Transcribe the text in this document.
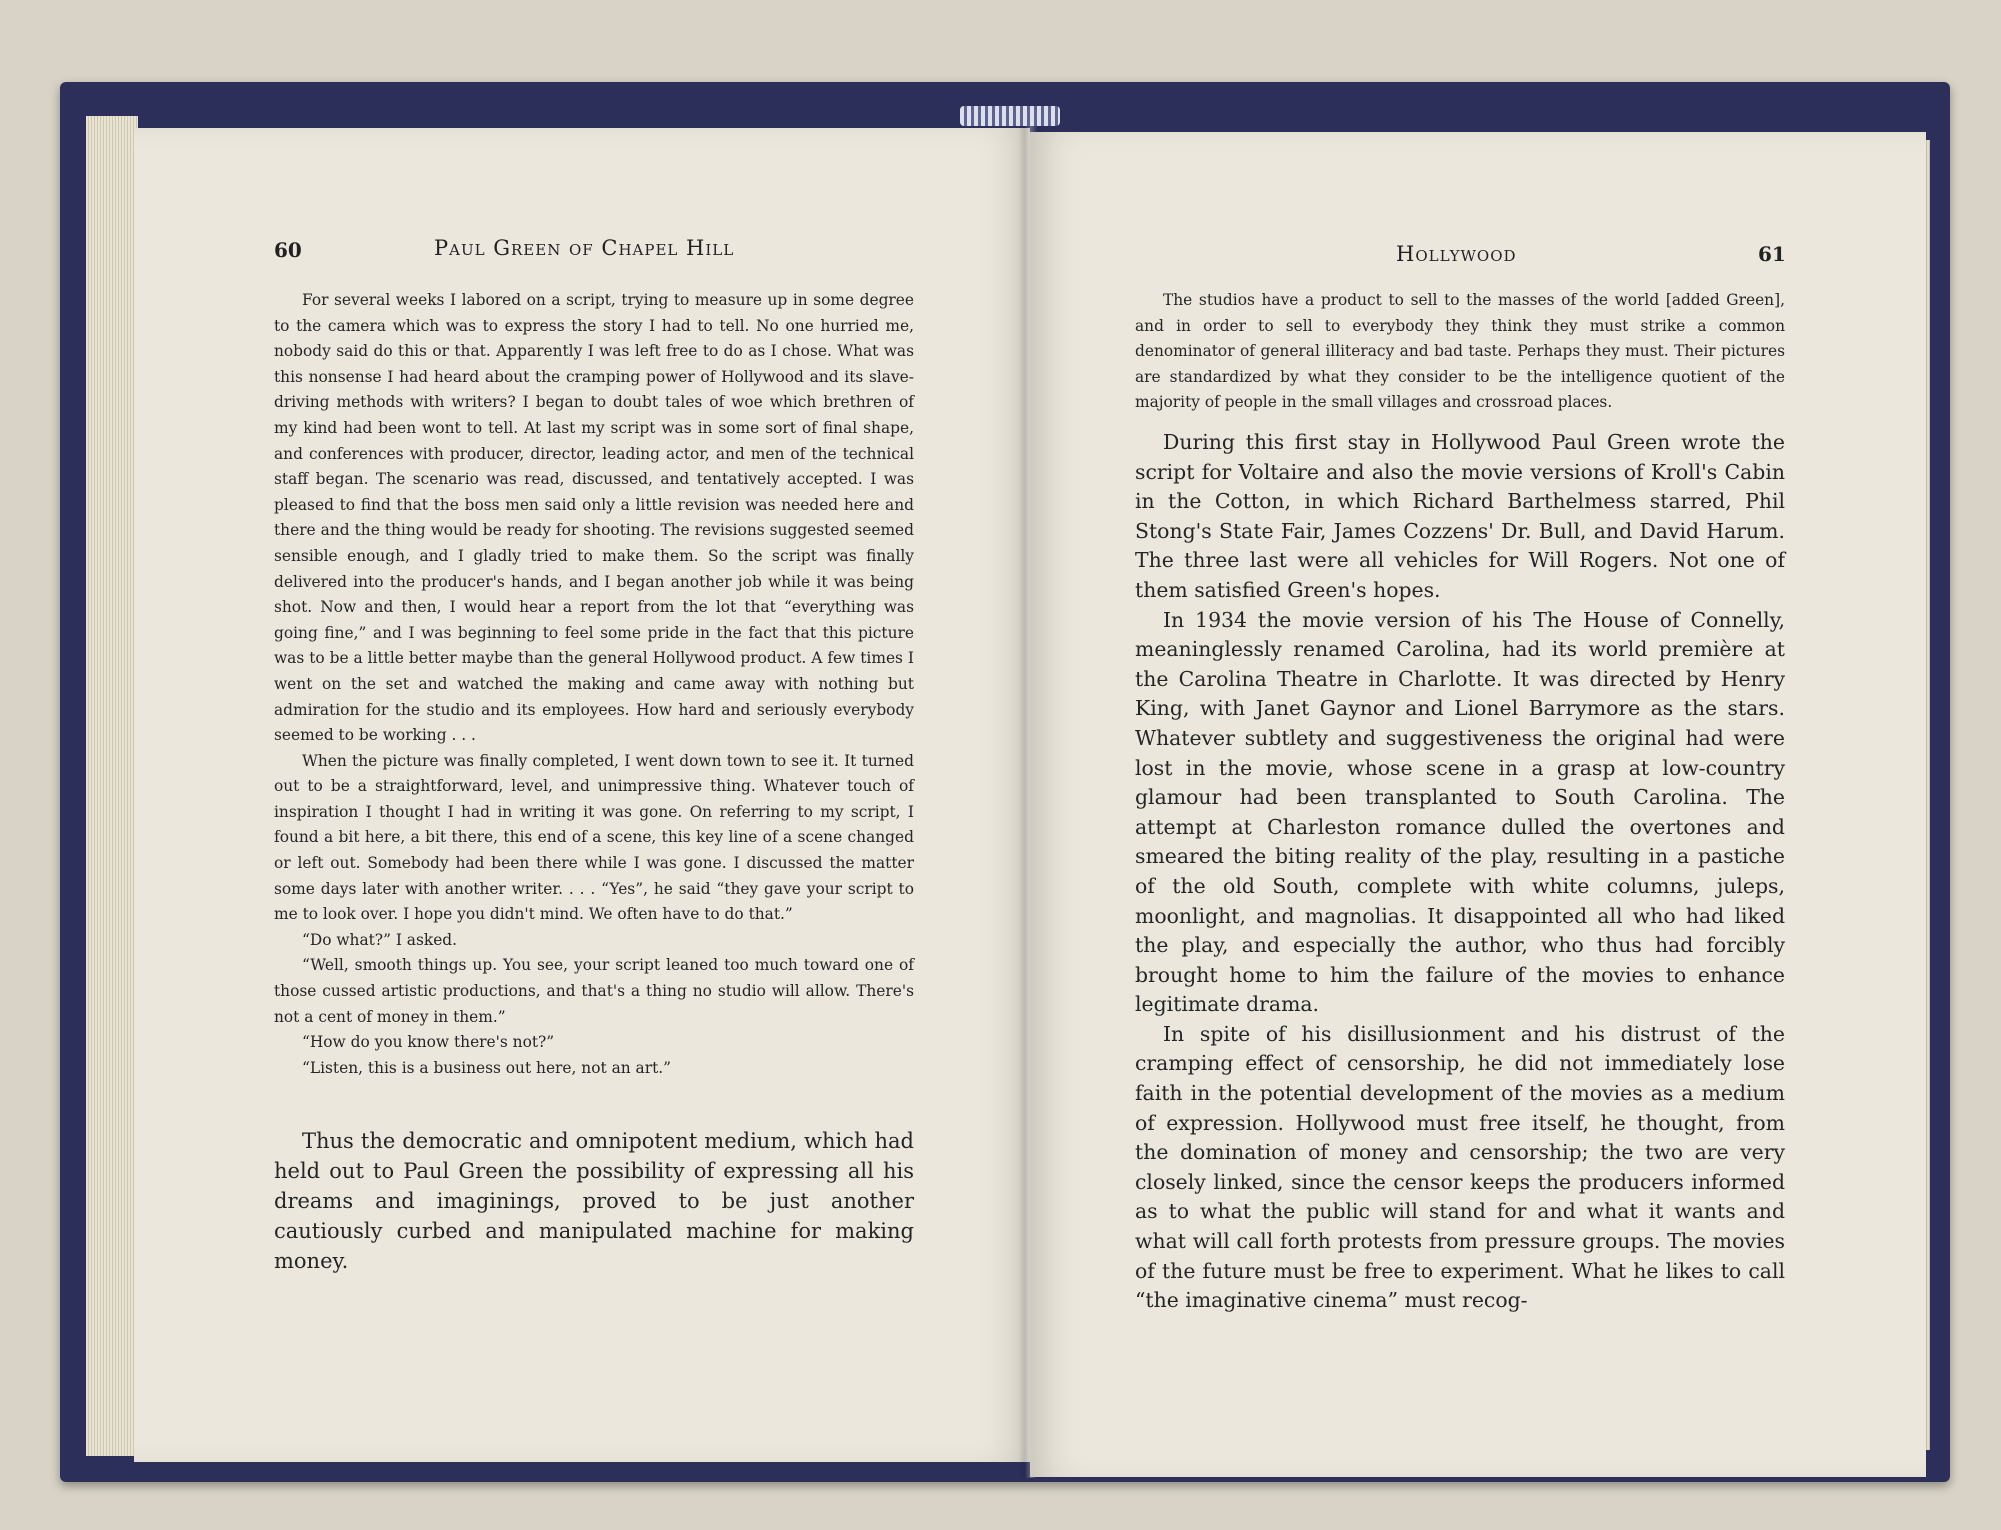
60	Paul Green of Chapel Hill

For several weeks I labored on a script, trying to measure up in some degree to the camera which was to express the story I had to tell. No one hurried me, nobody said do this or that. Apparently I was left free to do as I chose. What was this nonsense I had heard about the cramping power of Hollywood and its slave-driving methods with writers? I began to doubt tales of woe which brethren of my kind had been wont to tell. At last my script was in some sort of final shape, and conferences with producer, director, leading actor, and men of the technical staff began. The scenario was read, discussed, and tentatively accepted. I was pleased to find that the boss men said only a little revision was needed here and there and the thing would be ready for shooting. The revisions suggested seemed sensible enough, and I gladly tried to make them. So the script was finally delivered into the producer's hands, and I began another job while it was being shot. Now and then, I would hear a report from the lot that “everything was going fine,” and I was beginning to feel some pride in the fact that this picture was to be a little better maybe than the general Hollywood product. A few times I went on the set and watched the making and came away with nothing but admiration for the studio and its employees. How hard and seriously everybody seemed to be working . . .

When the picture was finally completed, I went down town to see it. It turned out to be a straightforward, level, and unimpressive thing. Whatever touch of inspiration I thought I had in writing it was gone. On referring to my script, I found a bit here, a bit there, this end of a scene, this key line of a scene changed or left out. Somebody had been there while I was gone. I discussed the matter some days later with another writer. . . . “Yes”, he said “they gave your script to me to look over. I hope you didn't mind. We often have to do that.”

“Do what?” I asked.

“Well, smooth things up. You see, your script leaned too much toward one of those cussed artistic productions, and that's a thing no studio will allow. There's not a cent of money in them.”

“How do you know there's not?”

“Listen, this is a business out here, not an art.”

Thus the democratic and omnipotent medium, which had held out to Paul Green the possibility of expressing all his dreams and imaginings, proved to be just another cautiously curbed and manipulated machine for making money.

Hollywood	61

The studios have a product to sell to the masses of the world [added Green], and in order to sell to everybody they think they must strike a common denominator of general illiteracy and bad taste. Perhaps they must. Their pictures are standardized by what they consider to be the intelligence quotient of the majority of people in the small villages and crossroad places.

During this first stay in Hollywood Paul Green wrote the script for Voltaire and also the movie versions of Kroll's Cabin in the Cotton, in which Richard Barthelmess starred, Phil Stong's State Fair, James Cozzens' Dr. Bull, and David Harum. The three last were all vehicles for Will Rogers. Not one of them satisfied Green's hopes.

In 1934 the movie version of his The House of Connelly, meaninglessly renamed Carolina, had its world première at the Carolina Theatre in Charlotte. It was directed by Henry King, with Janet Gaynor and Lionel Barrymore as the stars. Whatever subtlety and suggestiveness the original had were lost in the movie, whose scene in a grasp at low-country glamour had been transplanted to South Carolina. The attempt at Charleston romance dulled the overtones and smeared the biting reality of the play, resulting in a pastiche of the old South, complete with white columns, juleps, moonlight, and magnolias. It disappointed all who had liked the play, and especially the author, who thus had forcibly brought home to him the failure of the movies to enhance legitimate drama.

In spite of his disillusionment and his distrust of the cramping effect of censorship, he did not immediately lose faith in the potential development of the movies as a medium of expression. Hollywood must free itself, he thought, from the domination of money and censorship; the two are very closely linked, since the censor keeps the producers informed as to what the public will stand for and what it wants and what will call forth protests from pressure groups. The movies of the future must be free to experiment. What he likes to call “the imaginative cinema” must recog-
